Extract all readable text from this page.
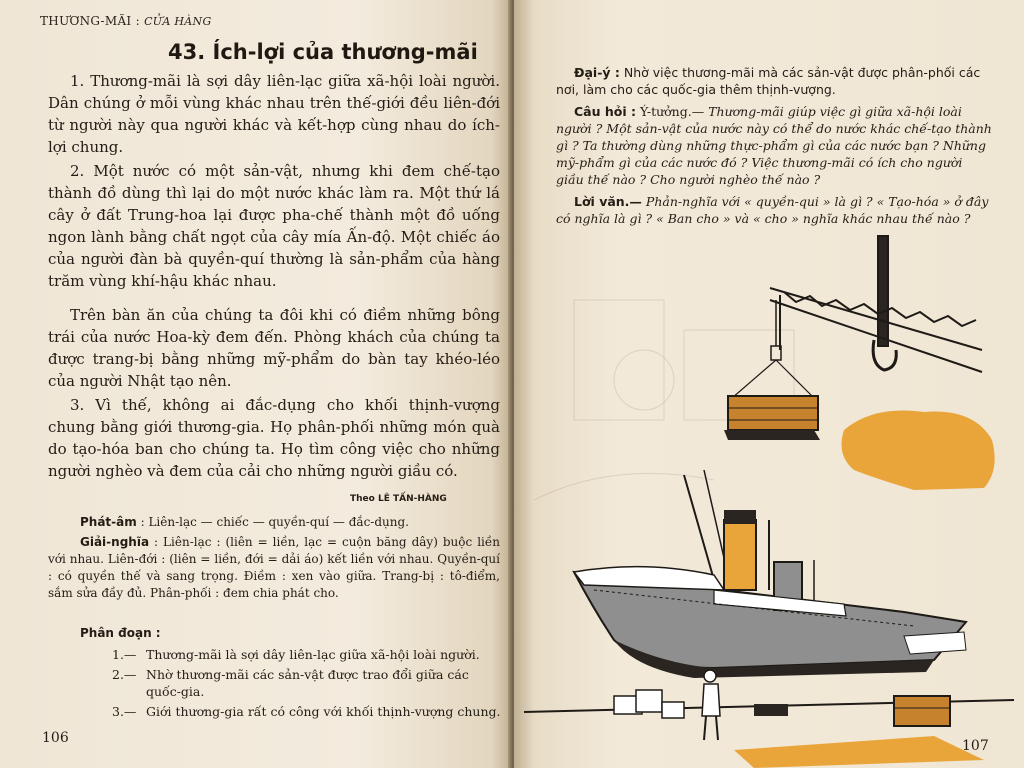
THƯƠNG-MÃI : CỬA HÀNG
43. Ích-lợi của thương-mãi

1. Thương-mãi là sợi dây liên-lạc giữa xã-hội loài người. Dân chúng ở mỗi vùng khác nhau trên thế-giới đều liên-đới từ người này qua người khác và kết-hợp cùng nhau do ích-lợi chung.

2. Một nước có một sản-vật, nhưng khi đem chế-tạo thành đồ dùng thì lại do một nước khác làm ra. Một thứ lá cây ở đất Trung-hoa lại được pha-chế thành một đồ uống ngon lành bằng chất ngọt của cây mía Ấn-độ. Một chiếc áo của người đàn bà quyền-quí thường là sản-phẩm của hàng trăm vùng khí-hậu khác nhau.

Trên bàn ăn của chúng ta đôi khi có điềm những bông trái của nước Hoa-kỳ đem đến. Phòng khách của chúng ta được trang-bị bằng những mỹ-phẩm do bàn tay khéo-léo của người Nhật tạo nên.

3. Vì thế, không ai đắc-dụng cho khối thịnh-vượng chung bằng giới thương-gia. Họ phân-phối những món quà do tạo-hóa ban cho chúng ta. Họ tìm công việc cho những người nghèo và đem của cải cho những người giầu có.

Theo LÊ TẤN-HÀNG
Phát-âm : Liên-lạc — chiếc — quyền-quí — đắc-dụng.
Giải-nghĩa : Liên-lạc : (liên = liền, lạc = cuộn băng dây) buộc liền với nhau. Liên-đới : (liên = liền, đới = dải áo) kết liền với nhau. Quyền-quí : có quyền thế và sang trọng. Điềm : xen vào giữa. Trang-bị : tô-điểm, sắm sửa đầy đủ. Phân-phối : đem chia phát cho.
Phân đoạn :
1.— Thương-mãi là sợi dây liên-lạc giữa xã-hội loài người.
2.— Nhờ thương-mãi các sản-vật được trao đổi giữa các quốc-gia.
3.— Giới thương-gia rất có công với khối thịnh-vượng chung.
106

Đại-ý : Nhờ việc thương-mãi mà các sản-vật được phân-phối các nơi, làm cho các quốc-gia thêm thịnh-vượng.

Câu hỏi : Ý-tưởng.— Thương-mãi giúp việc gì giữa xã-hội loài người ? Một sản-vật của nước này có thể do nước khác chế-tạo thành gì ? Ta thường dùng những thực-phẩm gì của các nước bạn ? Những mỹ-phẩm gì của các nước đó ? Việc thương-mãi có ích cho người giầu thế nào ? Cho người nghèo thế nào ?

Lời văn.— Phản-nghĩa với « quyền-qui » là gì ? « Tạo-hóa » ở đây có nghĩa là gì ? « Ban cho » và « cho » nghĩa khác nhau thế nào ?

107
